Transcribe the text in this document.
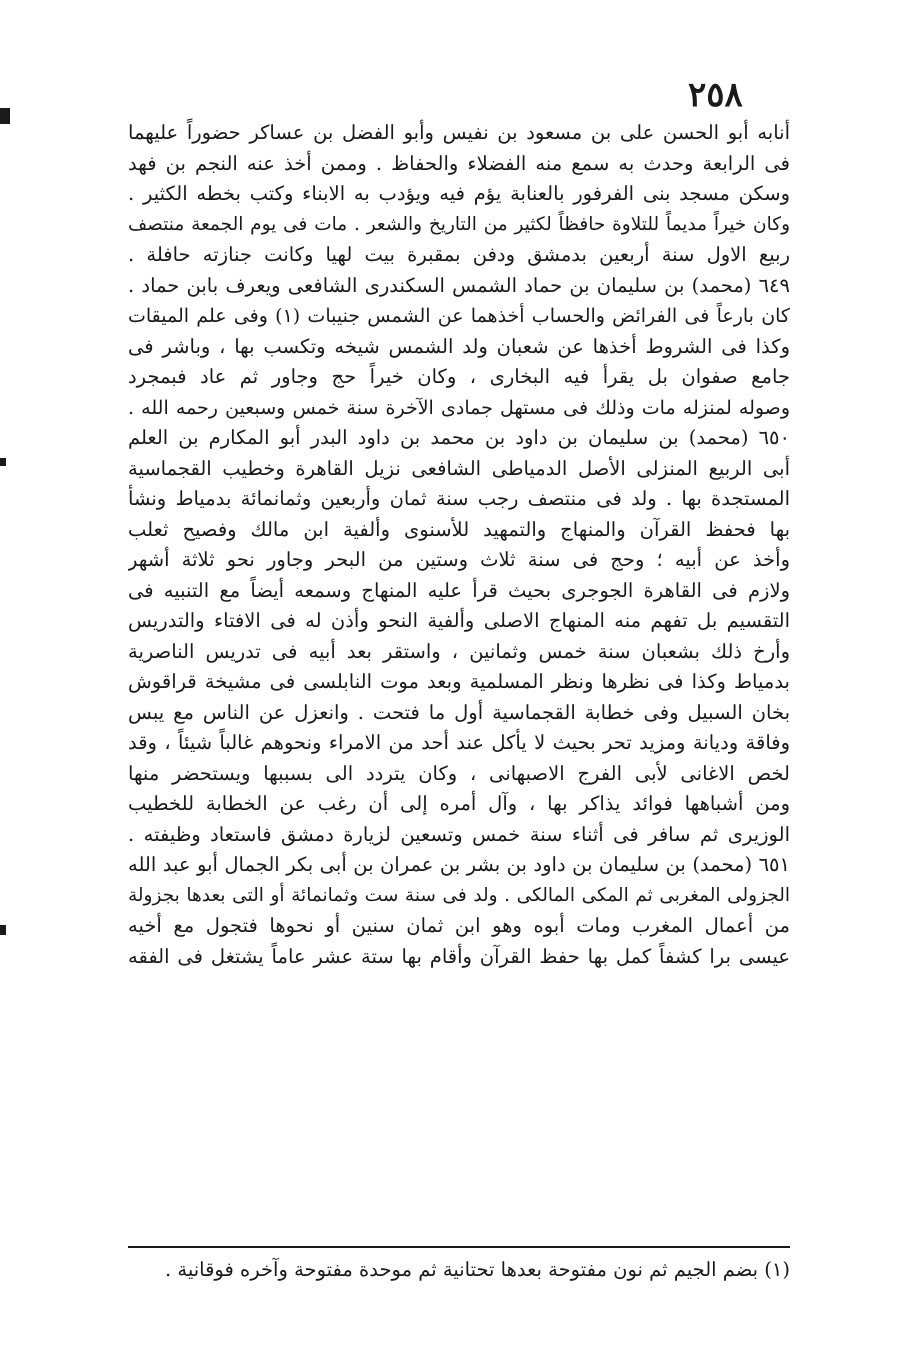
٢٥٨
أنابه أبو الحسن على بن مسعود بن نفيس وأبو الفضل بن عساكر حضوراً عليهما
فى الرابعة وحدث به سمع منه الفضلاء والحفاظ . وممن أخذ عنه النجم بن فهد
وسكن مسجد بنى الفرفور بالعنابة يؤم فيه ويؤدب به الابناء وكتب بخطه الكثير .
وكان خيراً مديماً للتلاوة حافظاً لكثير من التاريخ والشعر . مات فى يوم الجمعة منتصف
ربيع الاول سنة أربعين بدمشق ودفن بمقبرة بيت لهيا وكانت جنازته حافلة .
٦٤٩ (محمد) بن سليمان بن حماد الشمس السكندرى الشافعى ويعرف بابن حماد .
كان بارعاً فى الفرائض والحساب أخذهما عن الشمس جنيبات (١) وفى علم الميقات
وكذا فى الشروط أخذها عن شعبان ولد الشمس شيخه وتكسب بها ، وباشر فى
جامع صفوان بل يقرأ فيه البخارى ، وكان خيراً حج وجاور ثم عاد فبمجرد
وصوله لمنزله مات وذلك فى مستهل جمادى الآخرة سنة خمس وسبعين رحمه الله .
٦٥٠ (محمد) بن سليمان بن داود بن محمد بن داود البدر أبو المكارم بن العلم
أبى الربيع المنزلى الأصل الدمياطى الشافعى نزيل القاهرة وخطيب القجماسية
المستجدة بها . ولد فى منتصف رجب سنة ثمان وأربعين وثمانمائة بدمياط ونشأ
بها فحفظ القرآن والمنهاج والتمهيد للأسنوى وألفية ابن مالك وفصيح ثعلب
وأخذ عن أبيه ؛ وحج فى سنة ثلاث وستين من البحر وجاور نحو ثلاثة أشهر
ولازم فى القاهرة الجوجرى بحيث قرأ عليه المنهاج وسمعه أيضاً مع التنبيه فى
التقسيم بل تفهم منه المنهاج الاصلى وألفية النحو وأذن له فى الافتاء والتدريس
وأرخ ذلك بشعبان سنة خمس وثمانين ، واستقر بعد أبيه فى تدريس الناصرية
بدمياط وكذا فى نظرها ونظر المسلمية وبعد موت النابلسى فى مشيخة قراقوش
بخان السبيل وفى خطابة القجماسية أول ما فتحت . وانعزل عن الناس مع يبس
وفاقة وديانة ومزيد تحر بحيث لا يأكل عند أحد من الامراء ونحوهم غالباً شيئاً ، وقد
لخص الاغانى لأبى الفرج الاصبهانى ، وكان يتردد الى بسببها ويستحضر منها
ومن أشباهها فوائد يذاكر بها ، وآل أمره إلى أن رغب عن الخطابة للخطيب
الوزيرى ثم سافر فى أثناء سنة خمس وتسعين لزيارة دمشق فاستعاد وظيفته .
٦٥١ (محمد) بن سليمان بن داود بن بشر بن عمران بن أبى بكر الجمال أبو عبد الله
الجزولى المغربى ثم المكى المالكى . ولد فى سنة ست وثمانمائة أو التى بعدها بجزولة
من أعمال المغرب ومات أبوه وهو ابن ثمان سنين أو نحوها فتجول مع أخيه
عيسى برا كشفاً كمل بها حفظ القرآن وأقام بها ستة عشر عاماً يشتغل فى الفقه
(١) بضم الجيم ثم نون مفتوحة بعدها تحتانية ثم موحدة مفتوحة وآخره فوقانية .
